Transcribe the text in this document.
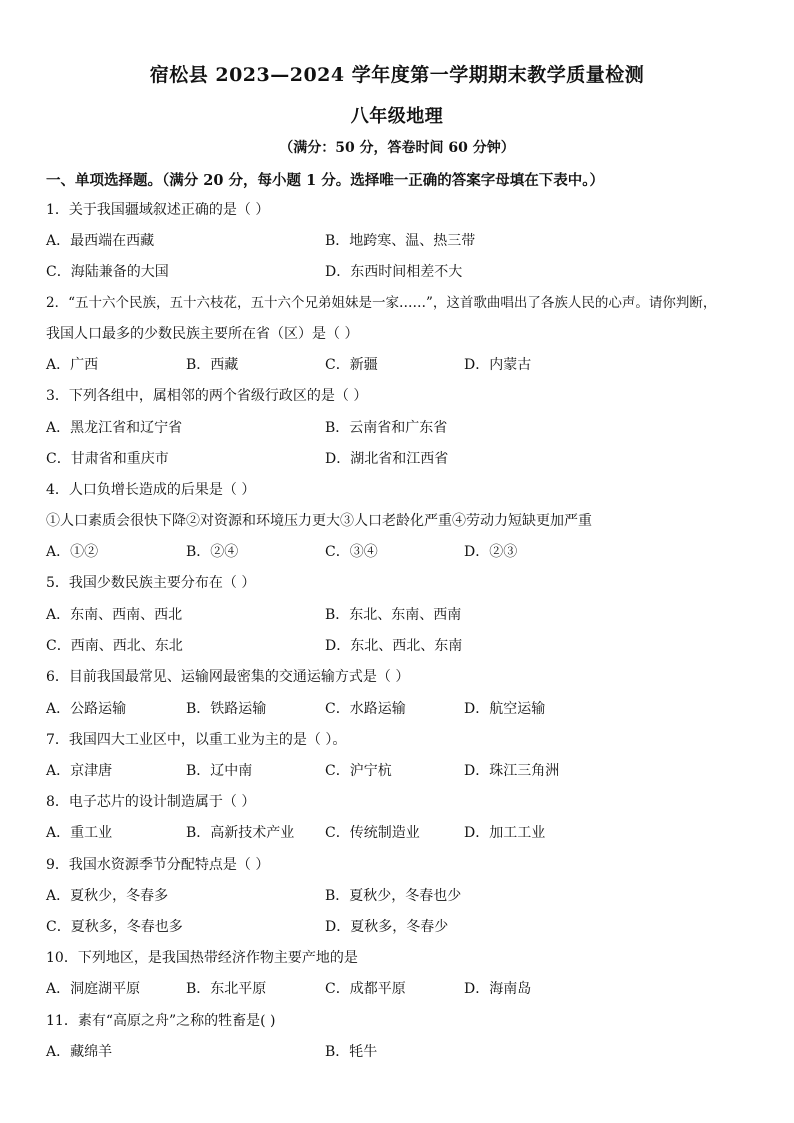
宿松县 2023—2024 学年度第一学期期末教学质量检测
八年级地理
（满分：50 分，答卷时间 60 分钟）
一、单项选择题。（满分 20 分，每小题 1 分。选择唯一正确的答案字母填在下表中。）
1．关于我国疆域叙述正确的是（ ）
A．最西端在西藏	B．地跨寒、温、热三带
C．海陆兼备的大国	D．东西时间相差不大
2．“五十六个民族，五十六枝花，五十六个兄弟姐妹是一家……”，这首歌曲唱出了各族人民的心声。请你判断，
我国人口最多的少数民族主要所在省（区）是（ ）
A．广西	B．西藏	C．新疆	D．内蒙古
3．下列各组中，属相邻的两个省级行政区的是（ ）
A．黑龙江省和辽宁省	B．云南省和广东省
C．甘肃省和重庆市	D．湖北省和江西省
4．人口负增长造成的后果是（ ）
①人口素质会很快下降②对资源和环境压力更大③人口老龄化严重④劳动力短缺更加严重
A．①②	B．②④	C．③④	D．②③
5．我国少数民族主要分布在（ ）
A．东南、西南、西北	B．东北、东南、西南
C．西南、西北、东北	D．东北、西北、东南
6．目前我国最常见、运输网最密集的交通运输方式是（ ）
A．公路运输	B．铁路运输	C．水路运输	D．航空运输
7．我国四大工业区中，以重工业为主的是（ ）。
A．京津唐	B．辽中南	C．沪宁杭	D．珠江三角洲
8．电子芯片的设计制造属于（ ）
A．重工业	B．高新技术产业 C．传统制造业	D．加工工业
9．我国水资源季节分配特点是（ ）
A．夏秋少，冬春多	B．夏秋少，冬春也少
C．夏秋多，冬春也多	D．夏秋多，冬春少
10．下列地区，是我国热带经济作物主要产地的是
A．洞庭湖平原	B．东北平原	C．成都平原	D．海南岛
11．素有“高原之舟”之称的牲畜是( )
A．藏绵羊	B．牦牛
